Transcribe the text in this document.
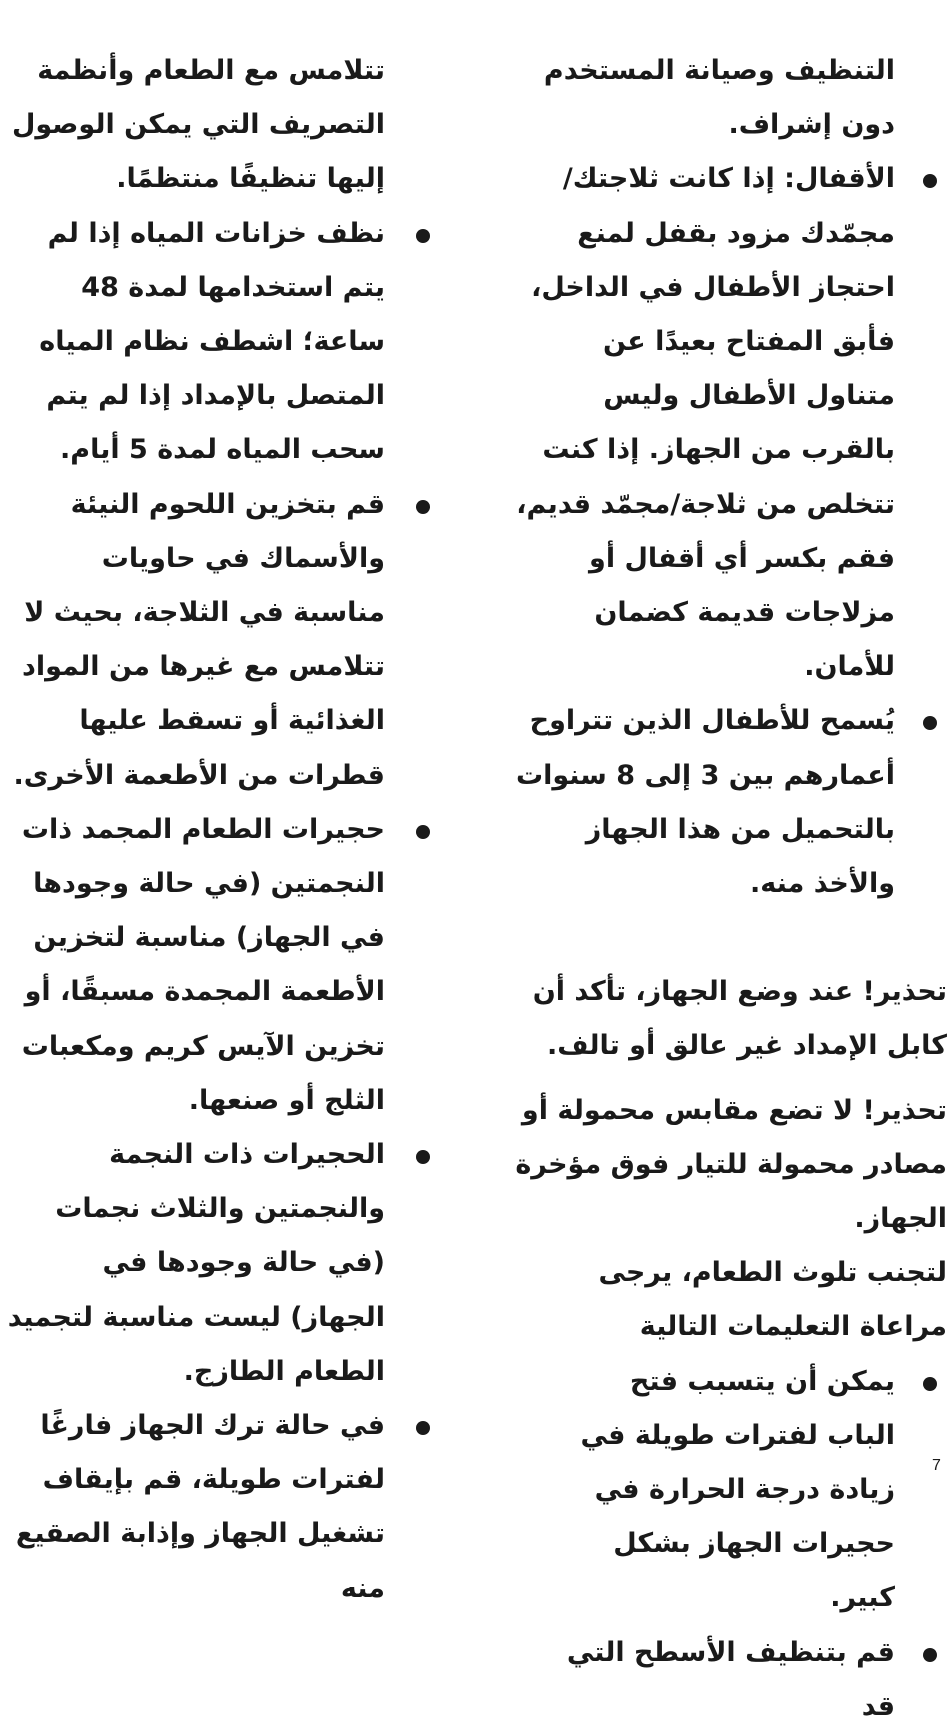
التنظيف وصيانة المستخدم دون إشراف.
الأقفال: إذا كانت ثلاجتك/مجمّدك مزود بقفل لمنع احتجاز الأطفال في الداخل، فأبق المفتاح بعيدًا عن متناول الأطفال وليس بالقرب من الجهاز. إذا كنت تتخلص من ثلاجة/مجمّد قديم، فقم بكسر أي أقفال أو مزلاجات قديمة كضمان للأمان.
يُسمح للأطفال الذين تتراوح أعمارهم بين 3 إلى 8 سنوات بالتحميل من هذا الجهاز والأخذ منه.
تحذير! عند وضع الجهاز، تأكد أن كابل الإمداد غير عالق أو تالف.
تحذير! لا تضع مقابس محمولة أو مصادر محمولة للتيار فوق مؤخرة الجهاز.
لتجنب تلوث الطعام، يرجى مراعاة التعليمات التالية
يمكن أن يتسبب فتح الباب لفترات طويلة في زيادة درجة الحرارة في حجيرات الجهاز بشكل كبير.
قم بتنظيف الأسطح التي قد
تتلامس مع الطعام وأنظمة التصريف التي يمكن الوصول إليها تنظيفًا منتظمًا.
نظف خزانات المياه إذا لم يتم استخدامها لمدة 48 ساعة؛ اشطف نظام المياه المتصل بالإمداد إذا لم يتم سحب المياه لمدة 5 أيام.
قم بتخزين اللحوم النيئة والأسماك في حاويات مناسبة في الثلاجة، بحيث لا تتلامس مع غيرها من المواد الغذائية أو تسقط عليها قطرات من الأطعمة الأخرى.
حجيرات الطعام المجمد ذات النجمتين (في حالة وجودها في الجهاز) مناسبة لتخزين الأطعمة المجمدة مسبقًا، أو تخزين الآيس كريم ومكعبات الثلج أو صنعها.
الحجيرات ذات النجمة والنجمتين والثلاث نجمات (في حالة وجودها في الجهاز) ليست مناسبة لتجميد الطعام الطازج.
في حالة ترك الجهاز فارغًا لفترات طويلة، قم بإيقاف تشغيل الجهاز وإذابة الصقيع منه
7
